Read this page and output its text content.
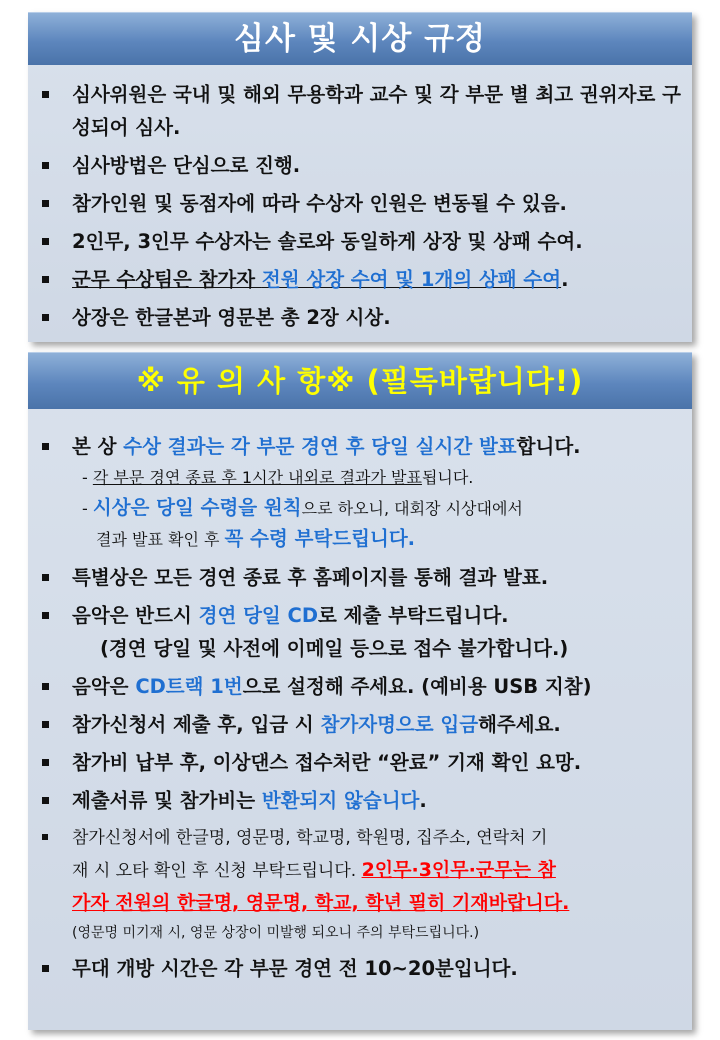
심사 및 시상 규정
심사위원은 국내 및 해외 무용학과 교수 및 각 부문 별 최고 권위자로 구성되어 심사.
심사방법은 단심으로 진행.
참가인원 및 동점자에 따라 수상자 인원은 변동될 수 있음.
2인무, 3인무 수상자는 솔로와 동일하게 상장 및 상패 수여.
군무 수상팀은 참가자 전원 상장 수여 및 1개의 상패 수여.
상장은 한글본과 영문본 총 2장 시상.
※ 유 의 사 항※ (필독바랍니다!)
본 상 수상 결과는 각 부문 경연 후 당일 실시간 발표합니다.
- 각 부문 경연 종료 후 1시간 내외로 결과가 발표됩니다.
- 시상은 당일 수령을 원칙으로 하오니, 대회장 시상대에서
결과 발표 확인 후 꼭 수령 부탁드립니다.
특별상은 모든 경연 종료 후 홈페이지를 통해 결과 발표.
음악은 반드시 경연 당일 CD로 제출 부탁드립니다.
(경연 당일 및 사전에 이메일 등으로 접수 불가합니다.)
음악은 CD트랙 1번으로 설정해 주세요. (예비용 USB 지참)
참가신청서 제출 후, 입금 시 참가자명으로 입금해주세요.
참가비 납부 후, 이상댄스 접수처란 “완료” 기재 확인 요망.
제출서류 및 참가비는 반환되지 않습니다.
참가신청서에 한글명, 영문명, 학교명, 학원명, 집주소, 연락처 기
재 시 오타 확인 후 신청 부탁드립니다. 2인무·3인무·군무는 참
가자 전원의 한글명, 영문명, 학교, 학년 필히 기재바랍니다.
(영문명 미기재 시, 영문 상장이 미발행 되오니 주의 부탁드립니다.)
무대 개방 시간은 각 부문 경연 전 10~20분입니다.
